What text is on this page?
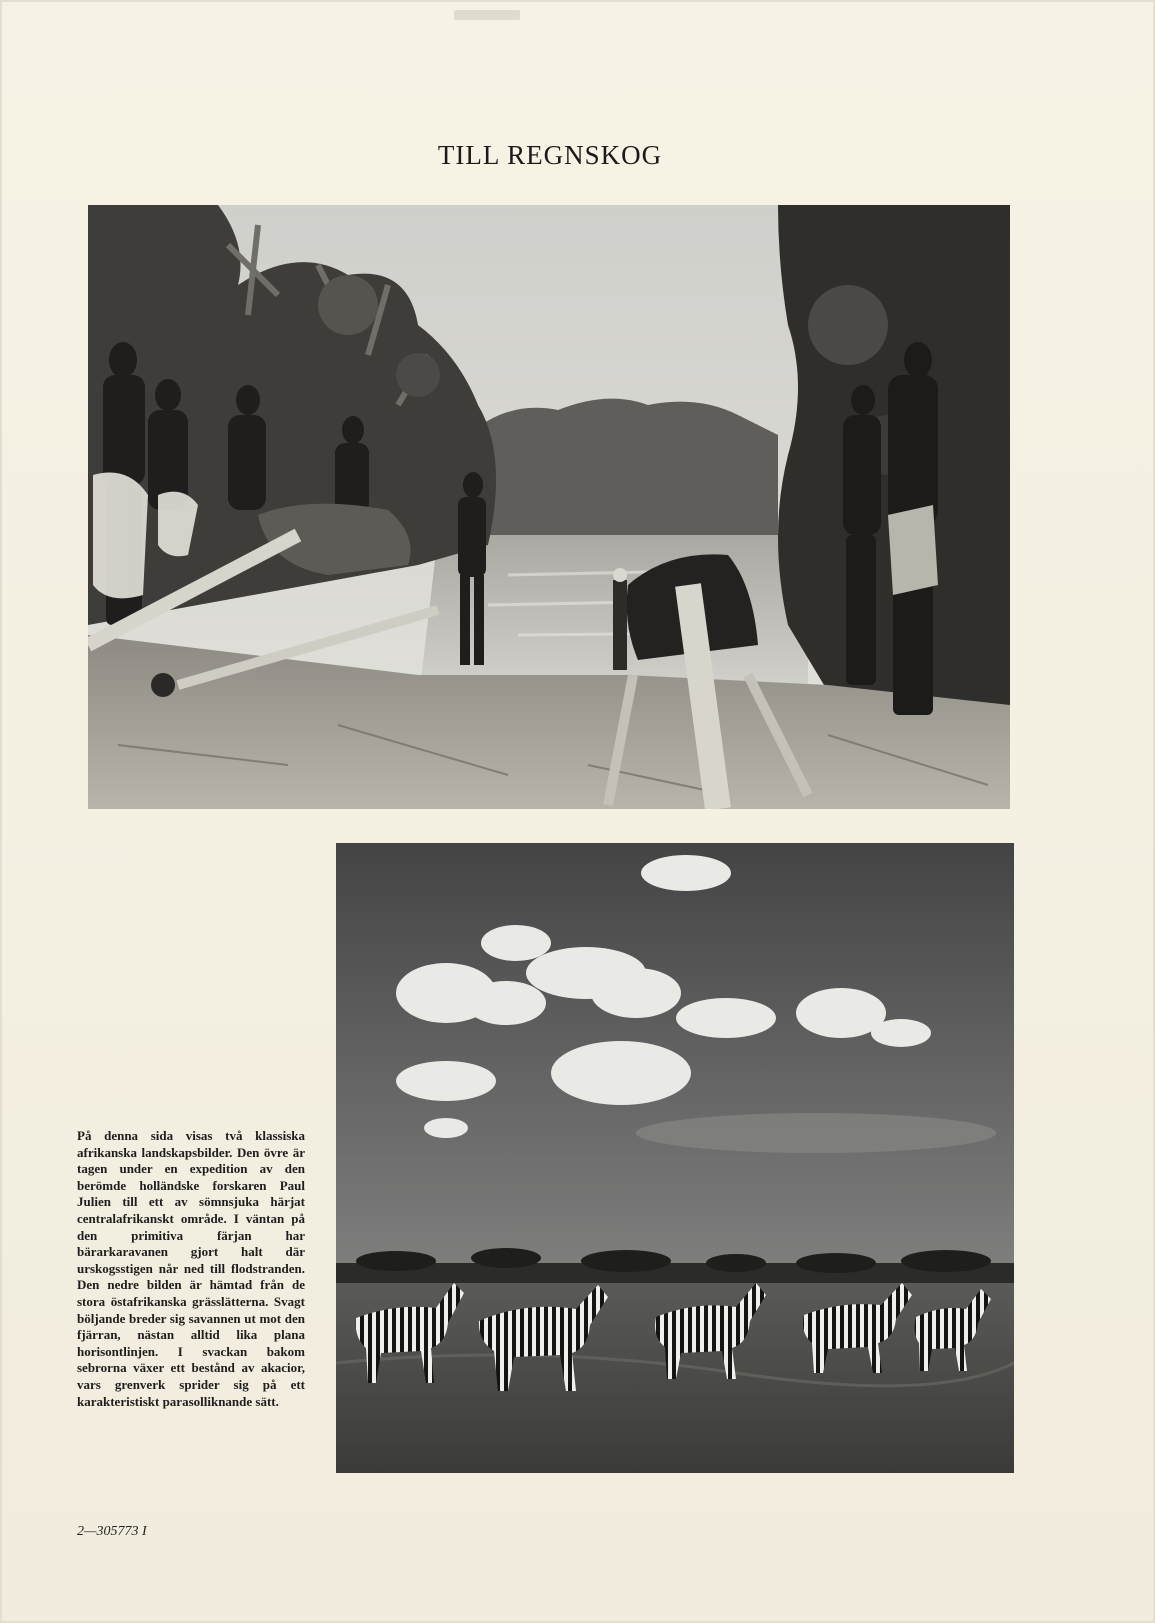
TILL REGNSKOG
På denna sida visas två klassiska afrikanska landskapsbilder. Den övre är tagen under en expedition av den berömde holländske forskaren Paul Julien till ett av sömnsjuka härjat centralafrikanskt område. I väntan på den primitiva färjan har bärarkaravanen gjort halt där urskogsstigen når ned till flodstranden. Den nedre bilden är hämtad från de stora östafrikanska grässlätterna. Svagt böljande breder sig savannen ut mot den fjärran, nästan alltid lika plana horisontlinjen. I svackan bakom sebrorna växer ett bestånd av akacior, vars grenverk sprider sig på ett karakteristiskt parasolliknande sätt.
2—305773 I
